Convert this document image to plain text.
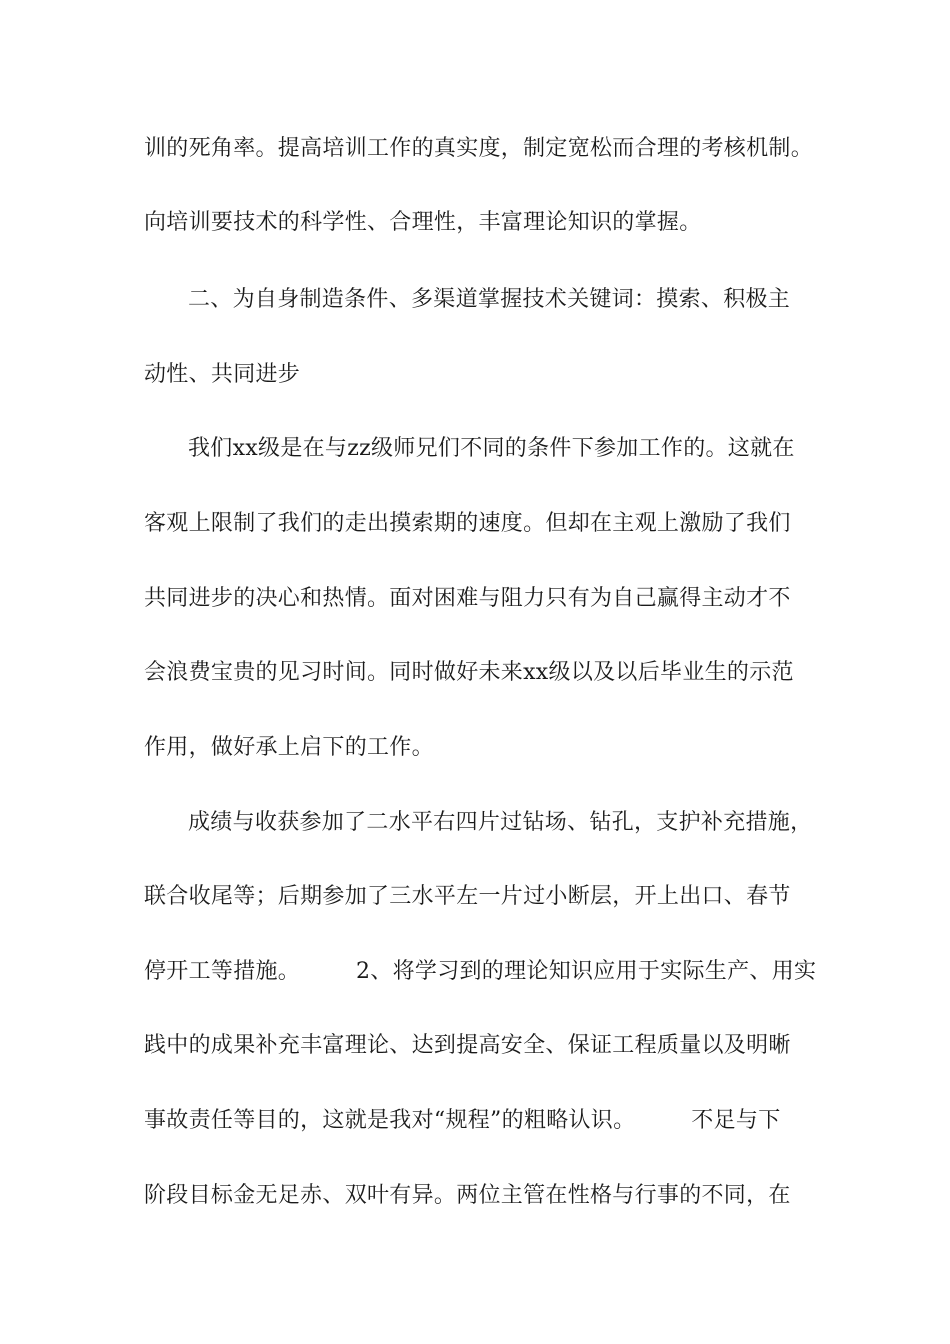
训的死角率。提高培训工作的真实度，制定宽松而合理的考核机制。
向培训要技术的科学性、合理性，丰富理论知识的掌握。
二、为自身制造条件、多渠道掌握技术关键词：摸索、积极主
动性、共同进步
我们xx级是在与zz级师兄们不同的条件下参加工作的。这就在
客观上限制了我们的走出摸索期的速度。但却在主观上激励了我们
共同进步的决心和热情。面对困难与阻力只有为自己赢得主动才不
会浪费宝贵的见习时间。同时做好未来xx级以及以后毕业生的示范
作用，做好承上启下的工作。
成绩与收获参加了二水平右四片过钻场、钻孔，支护补充措施，
联合收尾等；后期参加了三水平左一片过小断层，开上出口、春节
停开工等措施。　　　2、将学习到的理论知识应用于实际生产、用实
践中的成果补充丰富理论、达到提高安全、保证工程质量以及明晰
事故责任等目的，这就是我对“规程”的粗略认识。　　　不足与下
阶段目标金无足赤、双叶有异。两位主管在性格与行事的不同，在
